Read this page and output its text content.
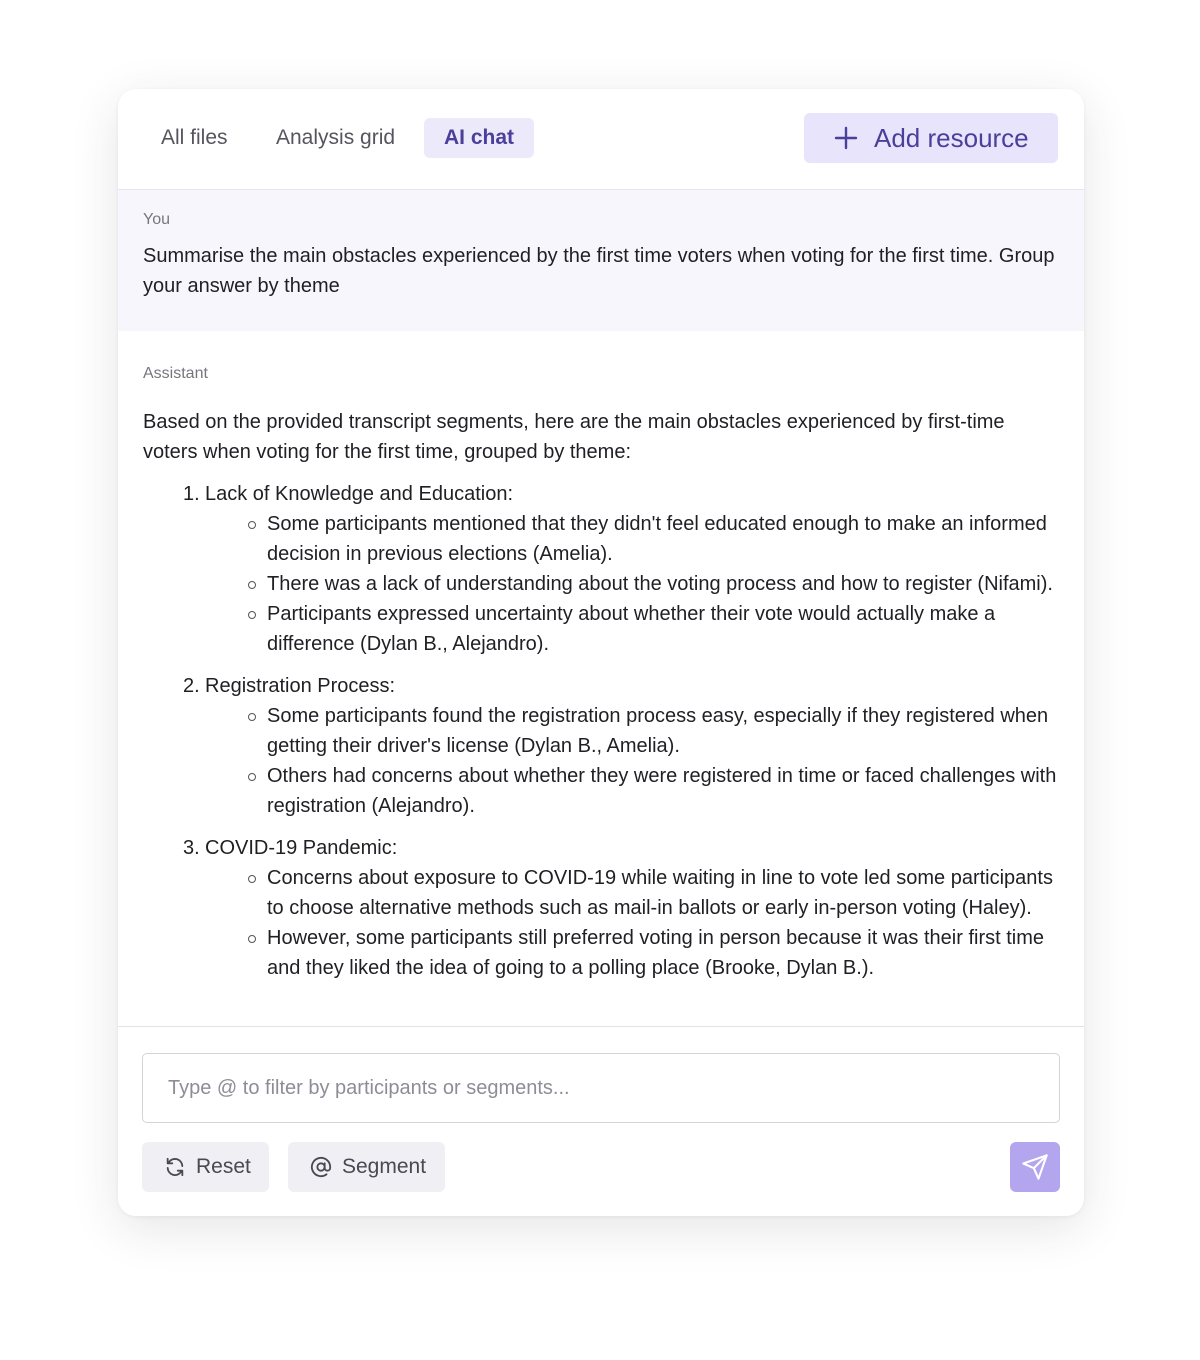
All files	Analysis grid	AI chat	Add resource
You
Summarise the main obstacles experienced by the first time voters when voting for the first time. Group your answer by theme
Assistant
Based on the provided transcript segments, here are the main obstacles experienced by first-time voters when voting for the first time, grouped by theme:
1. Lack of Knowledge and Education:
Some participants mentioned that they didn't feel educated enough to make an informed decision in previous elections (Amelia).
There was a lack of understanding about the voting process and how to register (Nifami).
Participants expressed uncertainty about whether their vote would actually make a difference (Dylan B., Alejandro).
2. Registration Process:
Some participants found the registration process easy, especially if they registered when getting their driver's license (Dylan B., Amelia).
Others had concerns about whether they were registered in time or faced challenges with registration (Alejandro).
3. COVID-19 Pandemic:
Concerns about exposure to COVID-19 while waiting in line to vote led some participants to choose alternative methods such as mail-in ballots or early in-person voting (Haley).
However, some participants still preferred voting in person because it was their first time and they liked the idea of going to a polling place (Brooke, Dylan B.).
Type @ to filter by participants or segments...
Reset	Segment
